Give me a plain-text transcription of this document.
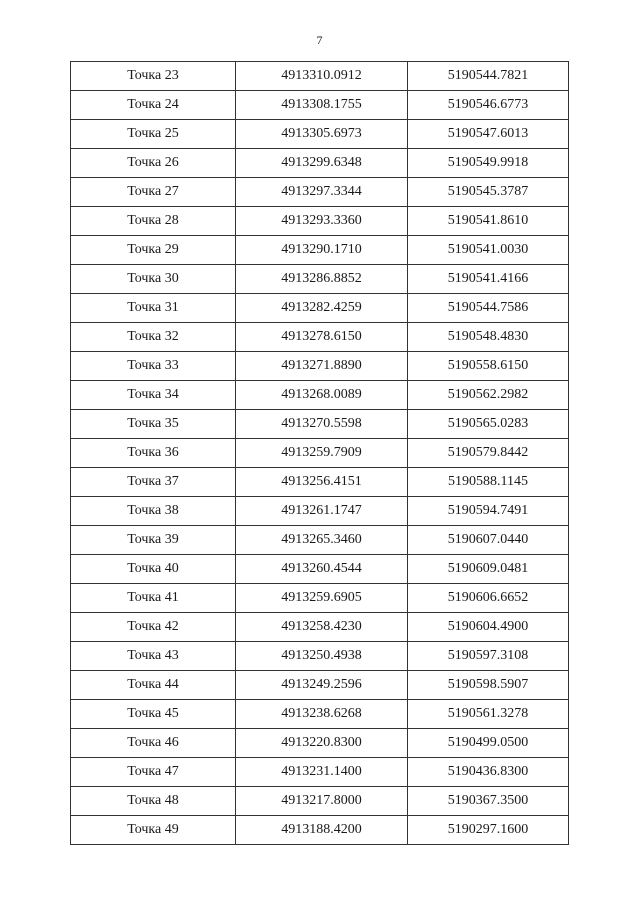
7
Точка 23	4913310.0912	5190544.7821
Точка 24	4913308.1755	5190546.6773
Точка 25	4913305.6973	5190547.6013
Точка 26	4913299.6348	5190549.9918
Точка 27	4913297.3344	5190545.3787
Точка 28	4913293.3360	5190541.8610
Точка 29	4913290.1710	5190541.0030
Точка 30	4913286.8852	5190541.4166
Точка 31	4913282.4259	5190544.7586
Точка 32	4913278.6150	5190548.4830
Точка 33	4913271.8890	5190558.6150
Точка 34	4913268.0089	5190562.2982
Точка 35	4913270.5598	5190565.0283
Точка 36	4913259.7909	5190579.8442
Точка 37	4913256.4151	5190588.1145
Точка 38	4913261.1747	5190594.7491
Точка 39	4913265.3460	5190607.0440
Точка 40	4913260.4544	5190609.0481
Точка 41	4913259.6905	5190606.6652
Точка 42	4913258.4230	5190604.4900
Точка 43	4913250.4938	5190597.3108
Точка 44	4913249.2596	5190598.5907
Точка 45	4913238.6268	5190561.3278
Точка 46	4913220.8300	5190499.0500
Точка 47	4913231.1400	5190436.8300
Точка 48	4913217.8000	5190367.3500
Точка 49	4913188.4200	5190297.1600
